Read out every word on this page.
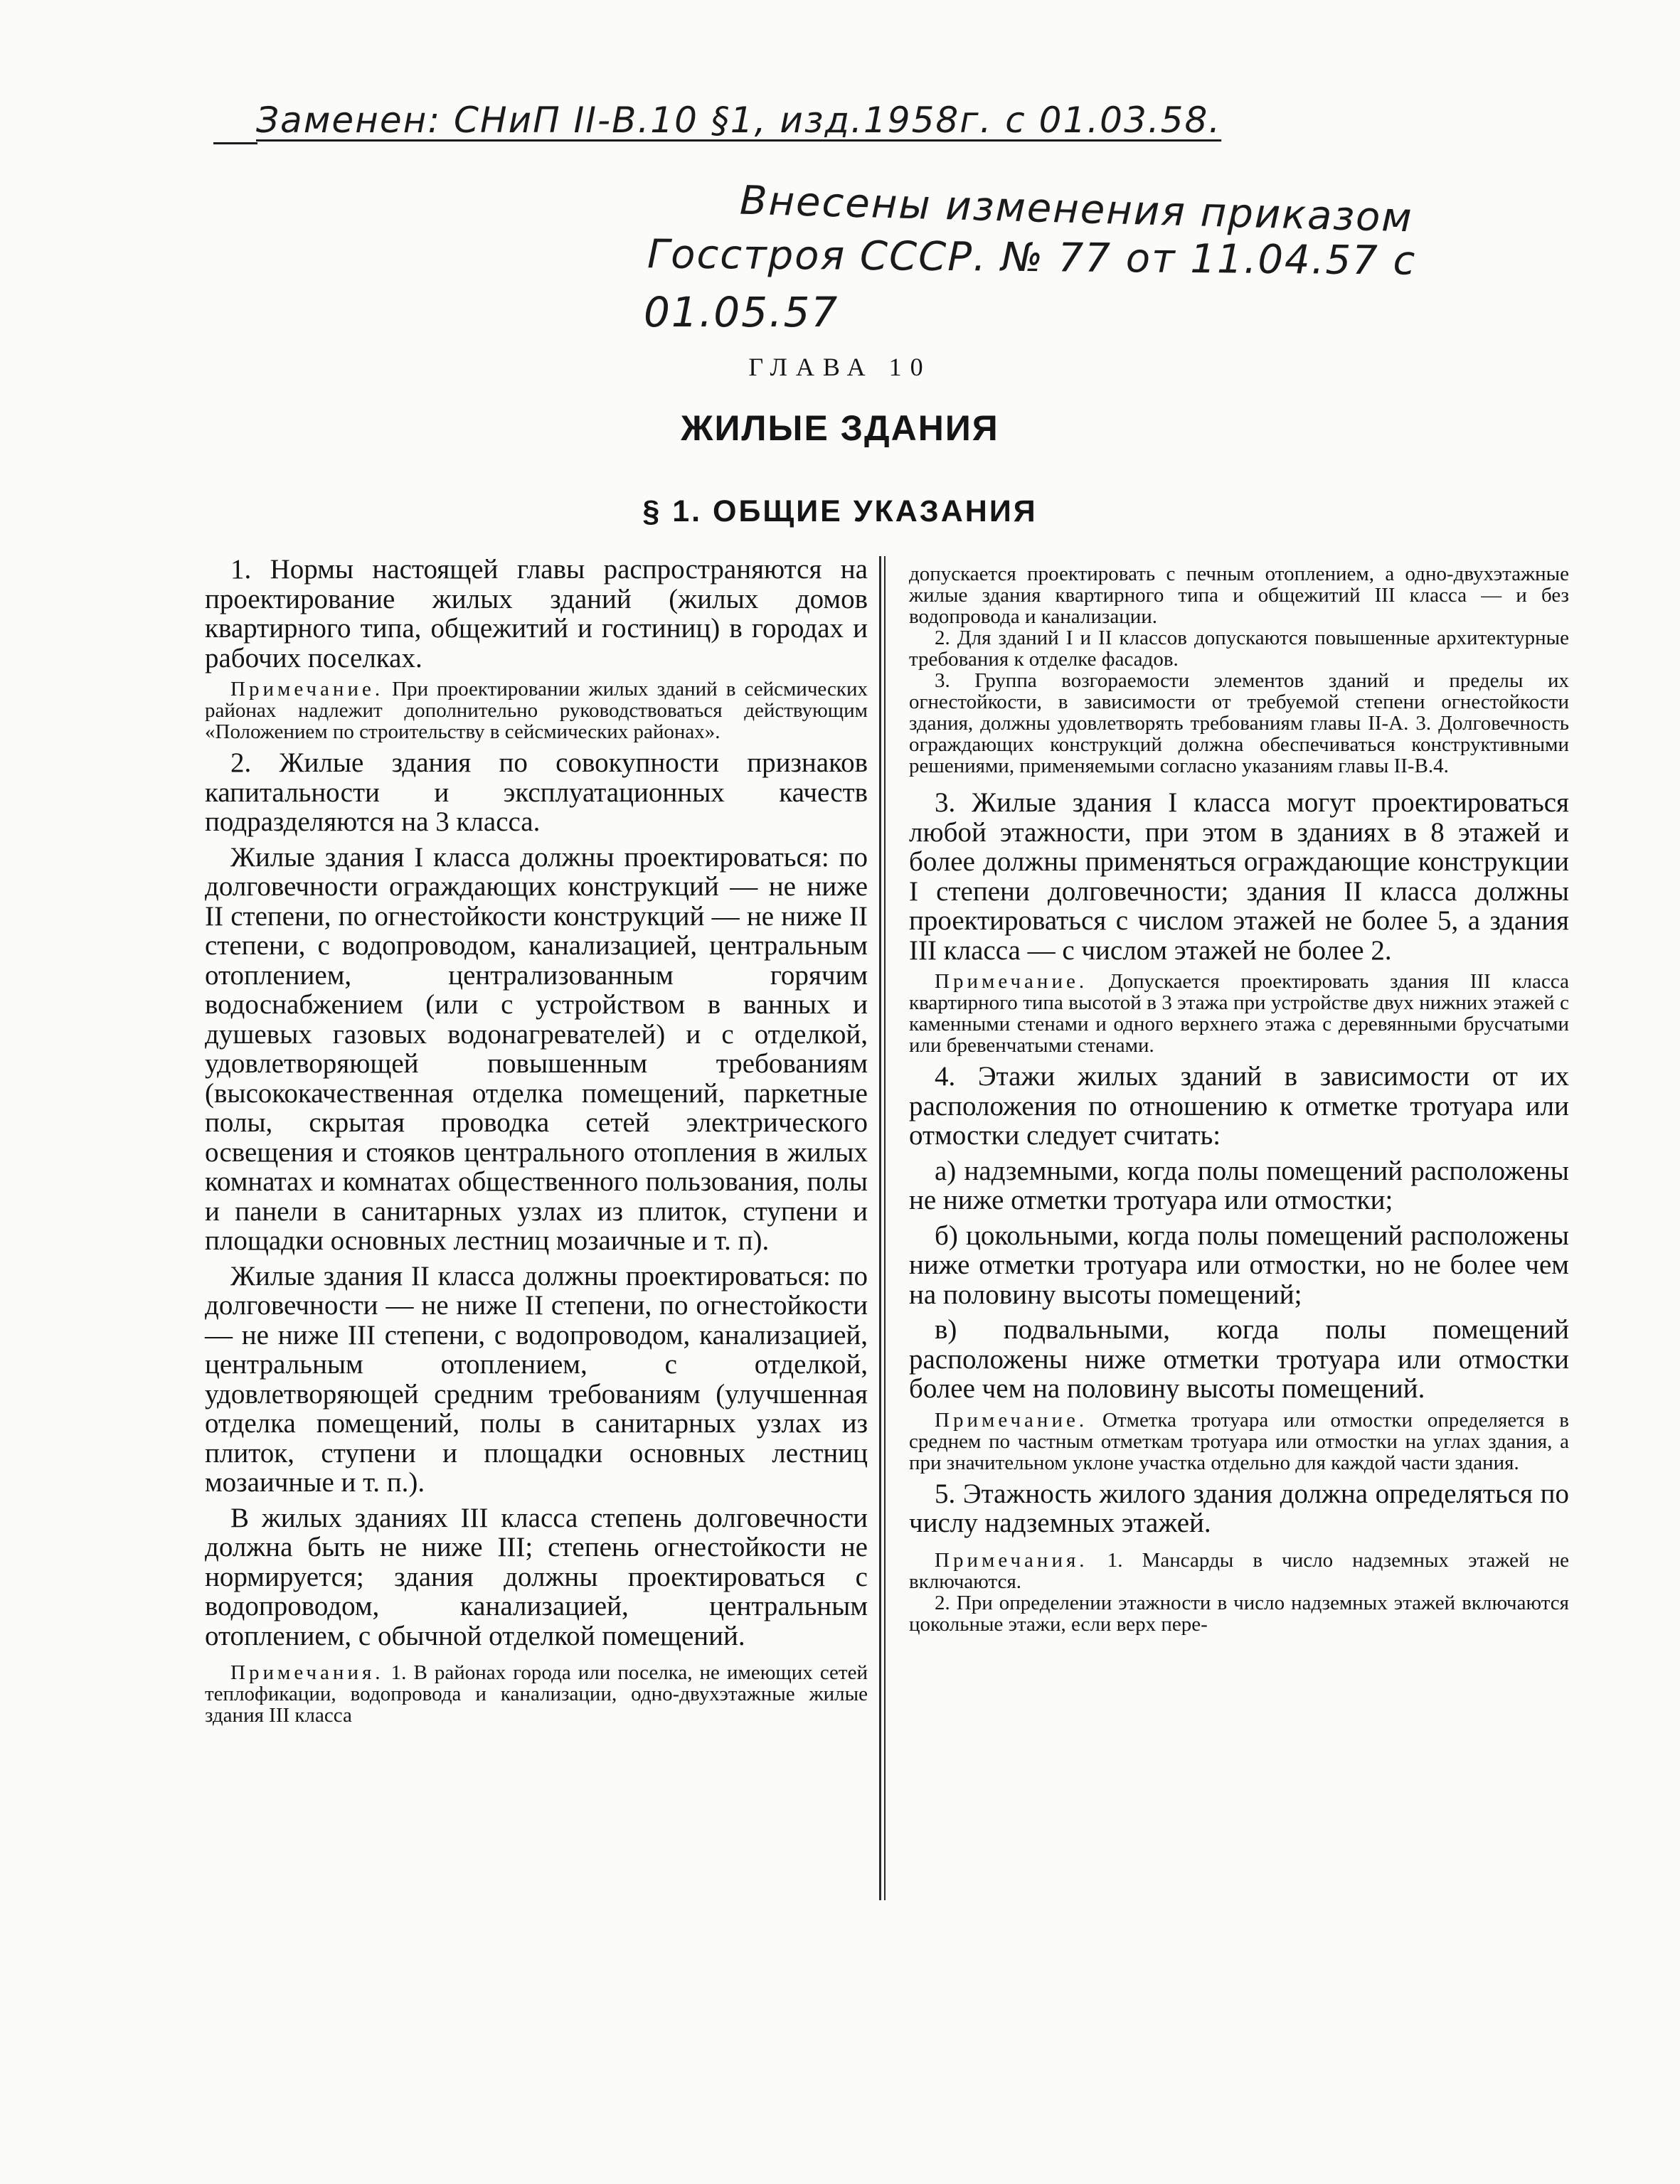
Заменен: СНиП II-В.10 §1, изд.1958г. с 01.03.58.
Внесены изменения приказом
Госстроя СССР. № 77 от 11.04.57 с
01.05.57
ГЛАВА 10
ЖИЛЫЕ ЗДАНИЯ
§ 1. ОБЩИЕ УКАЗАНИЯ

1. Нормы настоящей главы распространяются на проектирование жилых зданий (жилых домов квартирного типа, общежитий и гостиниц) в городах и рабочих поселках.

Примечание. При проектировании жилых зданий в сейсмических районах надлежит дополнительно руководствоваться действующим «Положением по строительству в сейсмических районах».

2. Жилые здания по совокупности признаков капитальности и эксплуатационных качеств подразделяются на 3 класса.

Жилые здания I класса должны проектироваться: по долговечности ограждающих конструкций — не ниже II степени, по огнестойкости конструкций — не ниже II степени, с водопроводом, канализацией, центральным отоплением, централизованным горячим водоснабжением (или с устройством в ванных и душевых газовых водонагревателей) и с отделкой, удовлетворяющей повышенным требованиям (высококачественная отделка помещений, паркетные полы, скрытая проводка сетей электрического освещения и стояков центрального отопления в жилых комнатах и комнатах общественного пользования, полы и панели в санитарных узлах из плиток, ступени и площадки основных лестниц мозаичные и т. п).

Жилые здания II класса должны проектироваться: по долговечности — не ниже II степени, по огнестойкости — не ниже III степени, с водопроводом, канализацией, центральным отоплением, с отделкой, удовлетворяющей средним требованиям (улучшенная отделка помещений, полы в санитарных узлах из плиток, ступени и площадки основных лестниц мозаичные и т. п.).

В жилых зданиях III класса степень долговечности должна быть не ниже III; степень огнестойкости не нормируется; здания должны проектироваться с водопроводом, канализацией, центральным отоплением, с обычной отделкой помещений.

Примечания. 1. В районах города или поселка, не имеющих сетей теплофикации, водопровода и канализации, одно-двухэтажные жилые здания III класса

допускается проектировать с печным отоплением, а одно-двухэтажные жилые здания квартирного типа и общежитий III класса — и без водопровода и канализации.

2. Для зданий I и II классов допускаются повышенные архитектурные требования к отделке фасадов.

3. Группа возгораемости элементов зданий и пределы их огнестойкости, в зависимости от требуемой степени огнестойкости здания, должны удовлетворять требованиям главы II-А. 3. Долговечность ограждающих конструкций должна обеспечиваться конструктивными решениями, применяемыми согласно указаниям главы II-В.4.

3. Жилые здания I класса могут проектироваться любой этажности, при этом в зданиях в 8 этажей и более должны применяться ограждающие конструкции I степени долговечности; здания II класса должны проектироваться с числом этажей не более 5, а здания III класса — с числом этажей не более 2.

Примечание. Допускается проектировать здания III класса квартирного типа высотой в 3 этажа при устройстве двух нижних этажей с каменными стенами и одного верхнего этажа с деревянными брусчатыми или бревенчатыми стенами.

4. Этажи жилых зданий в зависимости от их расположения по отношению к отметке тротуара или отмостки следует считать:

а) надземными, когда полы помещений расположены не ниже отметки тротуара или отмостки;

б) цокольными, когда полы помещений расположены ниже отметки тротуара или отмостки, но не более чем на половину высоты помещений;

в) подвальными, когда полы помещений расположены ниже отметки тротуара или отмостки более чем на половину высоты помещений.

Примечание. Отметка тротуара или отмостки определяется в среднем по частным отметкам тротуара или отмостки на углах здания, а при значительном уклоне участка отдельно для каждой части здания.

5. Этажность жилого здания должна определяться по числу надземных этажей.

Примечания. 1. Мансарды в число надземных этажей не включаются.

2. При определении этажности в число надземных этажей включаются цокольные этажи, если верх пере-
